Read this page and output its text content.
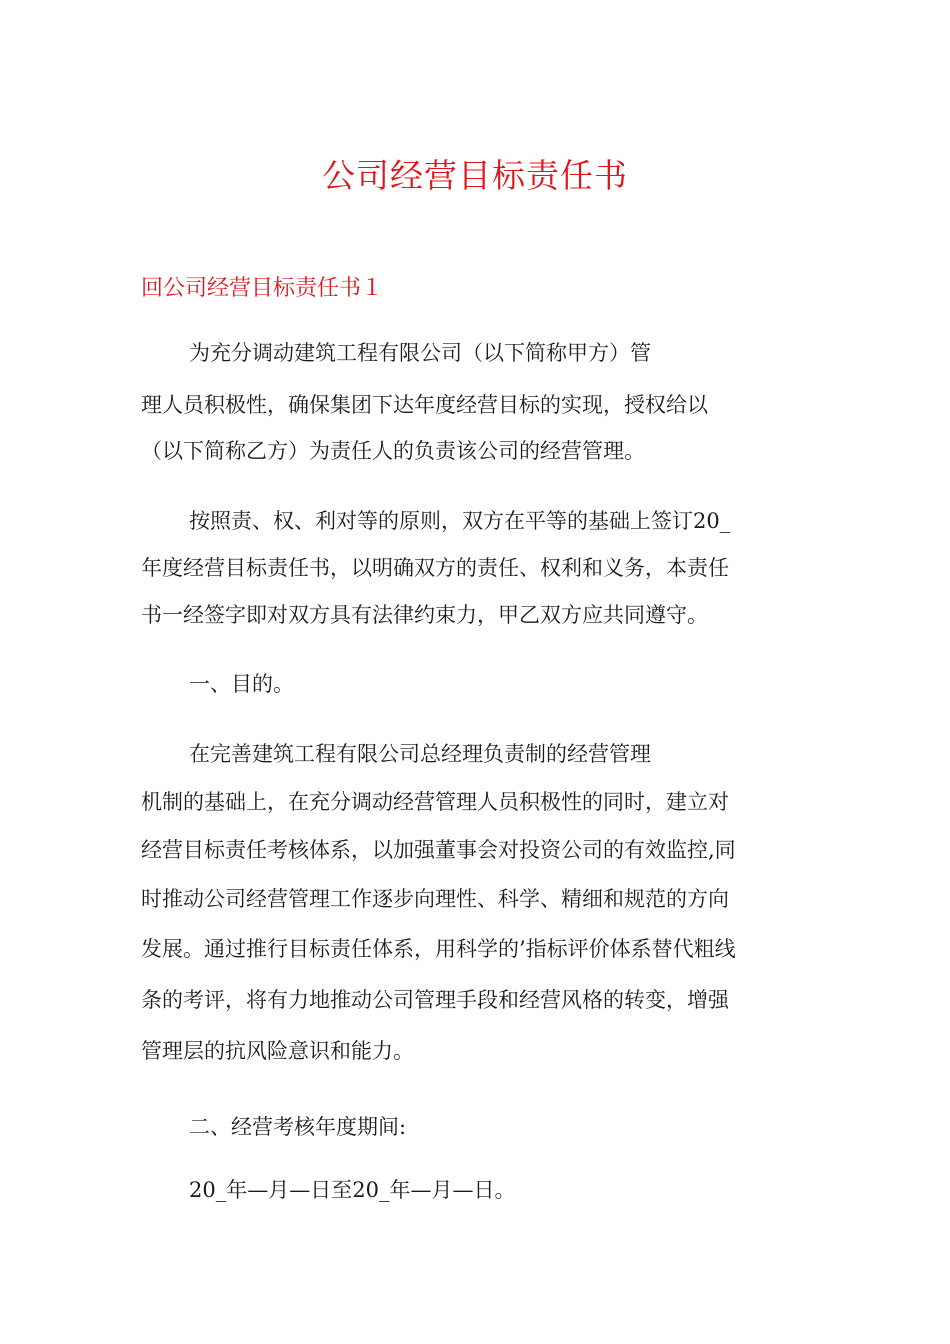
公司经营目标责任书
回公司经营目标责任书１

为充分调动建筑工程有限公司（以下简称甲方）管

理人员积极性，确保集团下达年度经营目标的实现，授权给以

（以下简称乙方）为责任人的负责该公司的经营管理。

按照责、权、利对等的原则，双方在平等的基础上签订20_

年度经营目标责任书，以明确双方的责任、权利和义务，本责任

书一经签字即对双方具有法律约束力，甲乙双方应共同遵守。

一、目的。

在完善建筑工程有限公司总经理负责制的经营管理

机制的基础上，在充分调动经营管理人员积极性的同时，建立对

经营目标责任考核体系，以加强董事会对投资公司的有效监控,同

时推动公司经营管理工作逐步向理性、科学、精细和规范的方向

发展。通过推行目标责任体系，用科学的’指标评价体系替代粗线

条的考评，将有力地推动公司管理手段和经营风格的转变，增强

管理层的抗风险意识和能力。

二、经营考核年度期间:

20_年—月—日至20_年—月—日。
